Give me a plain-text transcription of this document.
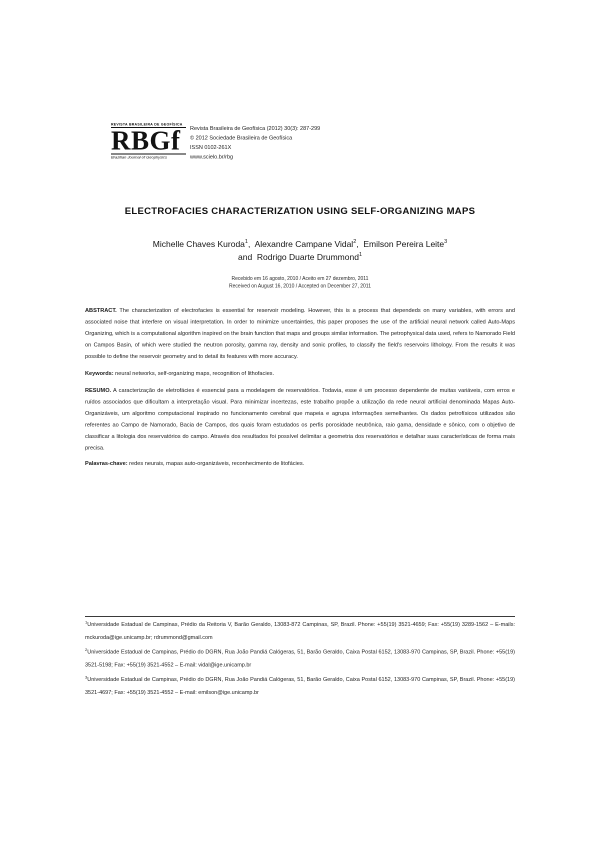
REVISTA BRASILEIRA DE GEOFÍSICA
RBGf
Brazilian Journal of Geophysics
Revista Brasileira de Geofísica (2012) 30(3): 287-299
© 2012 Sociedade Brasileira de Geofísica
ISSN 0102-261X
www.scielo.br/rbg
ELECTROFACIES CHARACTERIZATION USING SELF-ORGANIZING MAPS
Michelle Chaves Kuroda$^1$,  Alexandre Campane Vidal$^2$,  Emilson Pereira Leite$^3$
and  Rodrigo Duarte Drummond$^1$
Recebido em 16 agosto, 2010 / Aceito em 27 dezembro, 2011
Received on August 16, 2010 / Accepted on December 27, 2011

ABSTRACT. The characterization of electrofacies is essential for reservoir modeling. However, this is a process that dependeds on many variables, with errors and associated noise that interfere on visual interpretation. In order to minimize uncertainties, this paper proposes the use of the artificial neural network called Auto-Maps Organizing, which is a computational algorithm inspired on the brain function that maps and groups similar information. The petrophysical data used, refers to Namorado Field on Campos Basin, of which were studied the neutron porosity, gamma ray, density and sonic profiles, to classify the field's reservoirs lithology. From the results it was possible to define the reservoir geometry and to detail its features with more accuracy.

Keywords: neural networks, self-organizing maps, recognition of lithofacies.

RESUMO. A caracterização de eletrofácies é essencial para a modelagem de reservatórios. Todavia, esse é um processo dependente de muitas variáveis, com erros e ruídos associados que dificultam a interpretação visual. Para minimizar incertezas, este trabalho propõe a utilização da rede neural artificial denominada Mapas Auto-Organizáveis, um algoritmo computacional inspirado no funcionamento cerebral que mapeia e agrupa informações semelhantes. Os dados petrofísicos utilizados são referentes ao Campo de Namorado, Bacia de Campos, dos quais foram estudados os perfis porosidade neutrônica, raio gama, densidade e sônico, com o objetivo de classificar a litologia dos reservatórios do campo. Através dos resultados foi possível delimitar a geometria dos reservatórios e detalhar suas características de forma mais precisa.

Palavras-chave: redes neurais, mapas auto-organizáveis, reconhecimento de litofácies.

$^1$Universidade Estadual de Campinas, Prédio da Reitoria V, Barão Geraldo, 13083-872 Campinas, SP, Brazil. Phone: +55(19) 3521-4659; Fax: +55(19) 3289-1562 – E-mails: mckuroda@ige.unicamp.br; rdrummond@gmail.com

$^2$Universidade Estadual de Campinas, Prédio do DGRN, Rua João Pandiá Calógeras, 51, Barão Geraldo, Caixa Postal 6152, 13083-970 Campinas, SP, Brazil. Phone: +55(19) 3521-5198; Fax: +55(19) 3521-4552 – E-mail: vidal@ige.unicamp.br

$^3$Universidade Estadual de Campinas, Prédio do DGRN, Rua João Pandiá Calógeras, 51, Barão Geraldo, Caixa Postal 6152, 13083-970 Campinas, SP, Brazil. Phone: +55(19) 3521-4697; Fax: +55(19) 3521-4552 – E-mail: emilson@ige.unicamp.br
